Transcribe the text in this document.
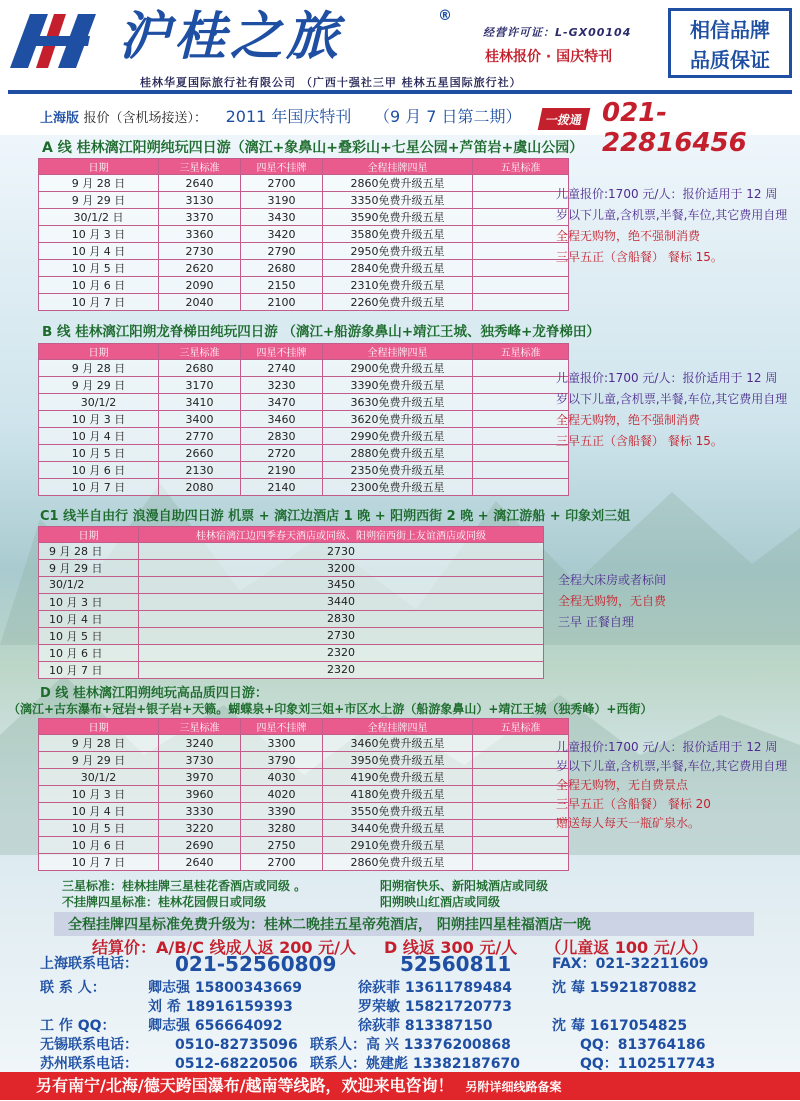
沪桂之旅	®
经营许可证：L-GX00104
桂林报价 · 国庆特刊
相信品牌
品质保证
桂林华夏国际旅行社有限公司 （广西十强社三甲 桂林五星国际旅行社）
上海版 报价（含机场接送）： 2011 年国庆特刊 （9 月 7 日第二期）	一拨通 021-22816456
A 线 桂林漓江阳朔纯玩四日游（漓江+象鼻山+叠彩山+七星公园+芦笛岩+虞山公园）
日期	三星标准	四星不挂牌	全程挂牌四星	五星标准
9 月 28 日	2640	2700	2860免费升级五星	
9 月 29 日	3130	3190	3350免费升级五星	
30/1/2 日	3370	3430	3590免费升级五星	
10 月 3 日	3360	3420	3580免费升级五星	
10 月 4 日	2730	2790	2950免费升级五星	
10 月 5 日	2620	2680	2840免费升级五星	
10 月 6 日	2090	2150	2310免费升级五星	
10 月 7 日	2040	2100	2260免费升级五星	
儿童报价:1700 元/人：报价适用于 12 周岁以下儿童,含机票,半餐,车位,其它费用自理
全程无购物，绝不强制消费
三早五正（含船餐） 餐标 15。
B 线 桂林漓江阳朔龙脊梯田纯玩四日游 （漓江+船游象鼻山+靖江王城、独秀峰+龙脊梯田）
日期	三星标准	四星不挂牌	全程挂牌四星	五星标准
9 月 28 日	2680	2740	2900免费升级五星	
9 月 29 日	3170	3230	3390免费升级五星	
30/1/2	3410	3470	3630免费升级五星	
10 月 3 日	3400	3460	3620免费升级五星	
10 月 4 日	2770	2830	2990免费升级五星	
10 月 5 日	2660	2720	2880免费升级五星	
10 月 6 日	2130	2190	2350免费升级五星	
10 月 7 日	2080	2140	2300免费升级五星	
儿童报价:1700 元/人：报价适用于 12 周岁以下儿童,含机票,半餐,车位,其它费用自理
全程无购物，绝不强制消费
三早五正（含船餐） 餐标 15。
C1 线半自由行 浪漫自助四日游 机票 + 漓江边酒店 1 晚 + 阳朔西街 2 晚 + 漓江游船 + 印象刘三姐
日期	桂林宿漓江边四季春天酒店或同级、阳朔宿西街上友谊酒店或同级
9 月 28 日	2730
9 月 29 日	3200
30/1/2	3450
10 月 3 日	3440
10 月 4 日	2830
10 月 5 日	2730
10 月 6 日	2320
10 月 7 日	2320
全程大床房或者标间
全程无购物，无自费
三早 正餐自理
D 线 桂林漓江阳朔纯玩高品质四日游：
（漓江+古东瀑布+冠岩+银子岩+天籁。蝴蝶泉+印象刘三姐+市区水上游（船游象鼻山）+靖江王城（独秀峰）+西街）
日期	三星标准	四星不挂牌	全程挂牌四星	五星标准
9 月 28 日	3240	3300	3460免费升级五星	
9 月 29 日	3730	3790	3950免费升级五星	
30/1/2	3970	4030	4190免费升级五星	
10 月 3 日	3960	4020	4180免费升级五星	
10 月 4 日	3330	3390	3550免费升级五星	
10 月 5 日	3220	3280	3440免费升级五星	
10 月 6 日	2690	2750	2910免费升级五星	
10 月 7 日	2640	2700	2860免费升级五星	
儿童报价:1700 元/人：报价适用于 12 周岁以下儿童,含机票,半餐,车位,其它费用自理
全程无购物，无自费景点
三早五正（含船餐） 餐标 20
赠送每人每天一瓶矿泉水。
三星标准：桂林挂牌三星桂花香酒店或同级 。
不挂牌四星标准：桂林花园假日或同级
阳朔宿快乐、新阳城酒店或同级
阳朔映山红酒店或同级
全程挂牌四星标准免费升级为：桂林二晚挂五星帝苑酒店， 阳朔挂四星桂福酒店一晚
结算价：A/B/C 线成人返 200 元/人 D 线返 300 元/人 （儿童返 100 元/人）
上海联系电话： 021-52560809	52560811	FAX：021-32211609
联 系 人：	卿志强 15800343669	徐荻菲 13611789484	沈 莓 15921870882
刘 希 18916159393	罗荣敏 15821720773
工 作 QQ： 卿志强 656664092	徐荻菲 813387150	沈 莓 1617054825
无锡联系电话：	0510-82735096 联系人：高 兴 13376200868	QQ：813764186
苏州联系电话：	0512-68220506 联系人：姚建彪 13382187670	QQ：1102517743
另有南宁/北海/德天跨国瀑布/越南等线路，欢迎来电咨询！ 另附详细线路备案
